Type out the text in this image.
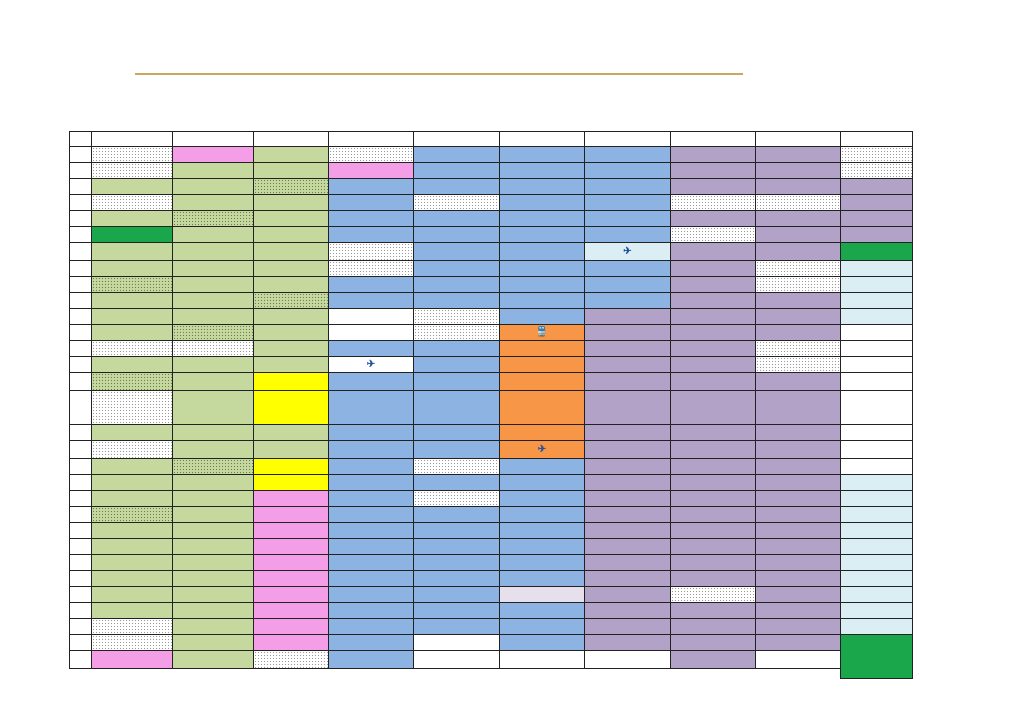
✈
✈
🚆
✈
